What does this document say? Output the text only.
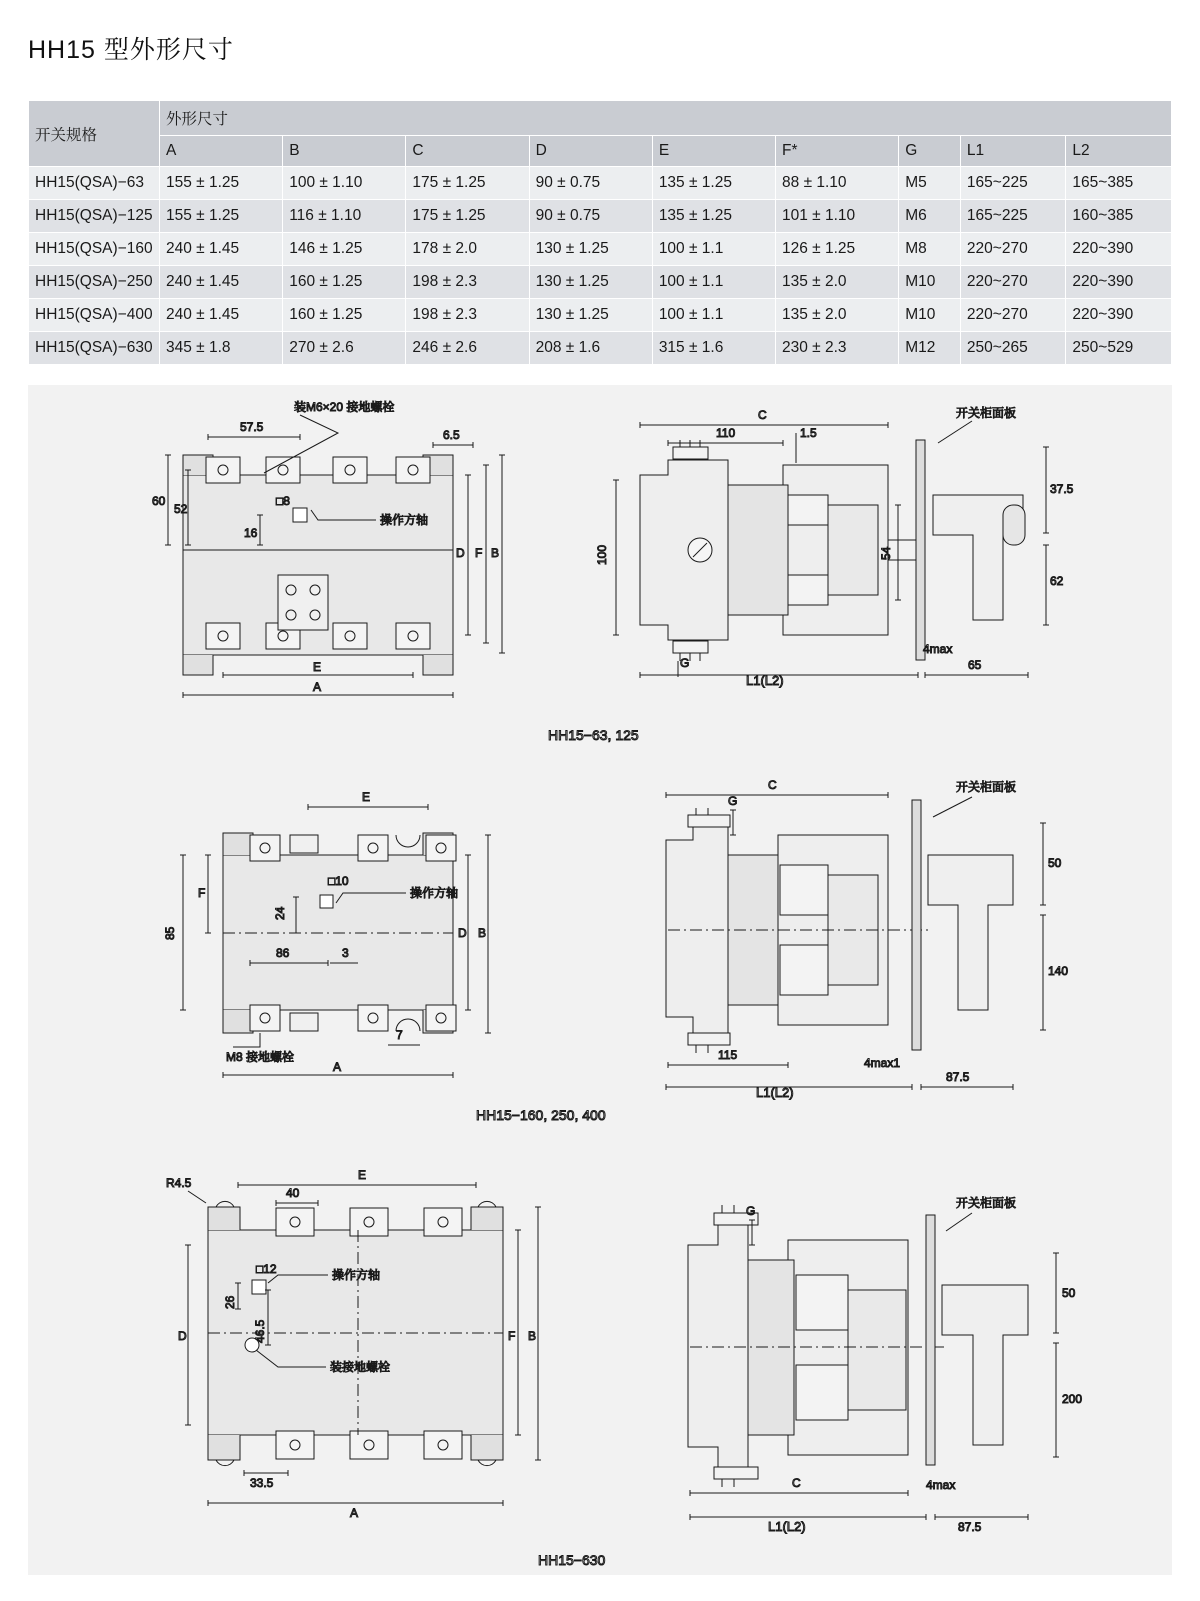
HH15 型外形尺寸
开关规格	外形尺寸								
	A	B	C	D	E	F*	G	L1	L2
HH15(QSA)−63	155 ± 1.25	100 ± 1.10	175 ± 1.25	90 ± 0.75	135 ± 1.25	88 ± 1.10	M5	165~225	165~385
HH15(QSA)−125	155 ± 1.25	116 ± 1.10	175 ± 1.25	90 ± 0.75	135 ± 1.25	101 ± 1.10	M6	165~225	160~385
HH15(QSA)−160	240 ± 1.45	146 ± 1.25	178 ± 2.0	130 ± 1.25	100 ± 1.1	126 ± 1.25	M8	220~270	220~390
HH15(QSA)−250	240 ± 1.45	160 ± 1.25	198 ± 2.3	130 ± 1.25	100 ± 1.1	135 ± 2.0	M10	220~270	220~390
HH15(QSA)−400	240 ± 1.45	160 ± 1.25	198 ± 2.3	130 ± 1.25	100 ± 1.1	135 ± 2.0	M10	220~270	220~390
HH15(QSA)−630	345 ± 1.8	270 ± 2.6	246 ± 2.6	208 ± 1.6	315 ± 1.6	230 ± 2.3	M12	250~265	250~529
57.5
6.5
60
52
16
□8
D F B
E
A
装M6×20 接地螺栓
操作方轴
C
110	1.5
100	54
G
37.5
62
L1(L2)
4max
65
开关柜面板
HH15−63, 125
E
□10
24
F
85
86	3
D B
7
A
操作方轴
M8 接地螺栓
C
G
50
140
115
L1(L2)
4max1
87.5
开关柜面板
HH15−160, 250, 400
E
40
R4.5
□12
26
46.5
D	F B
33.5
A
操作方轴
装接地螺栓
G
50
200
C
L1(L2)
4max
87.5
开关柜面板
HH15−630
